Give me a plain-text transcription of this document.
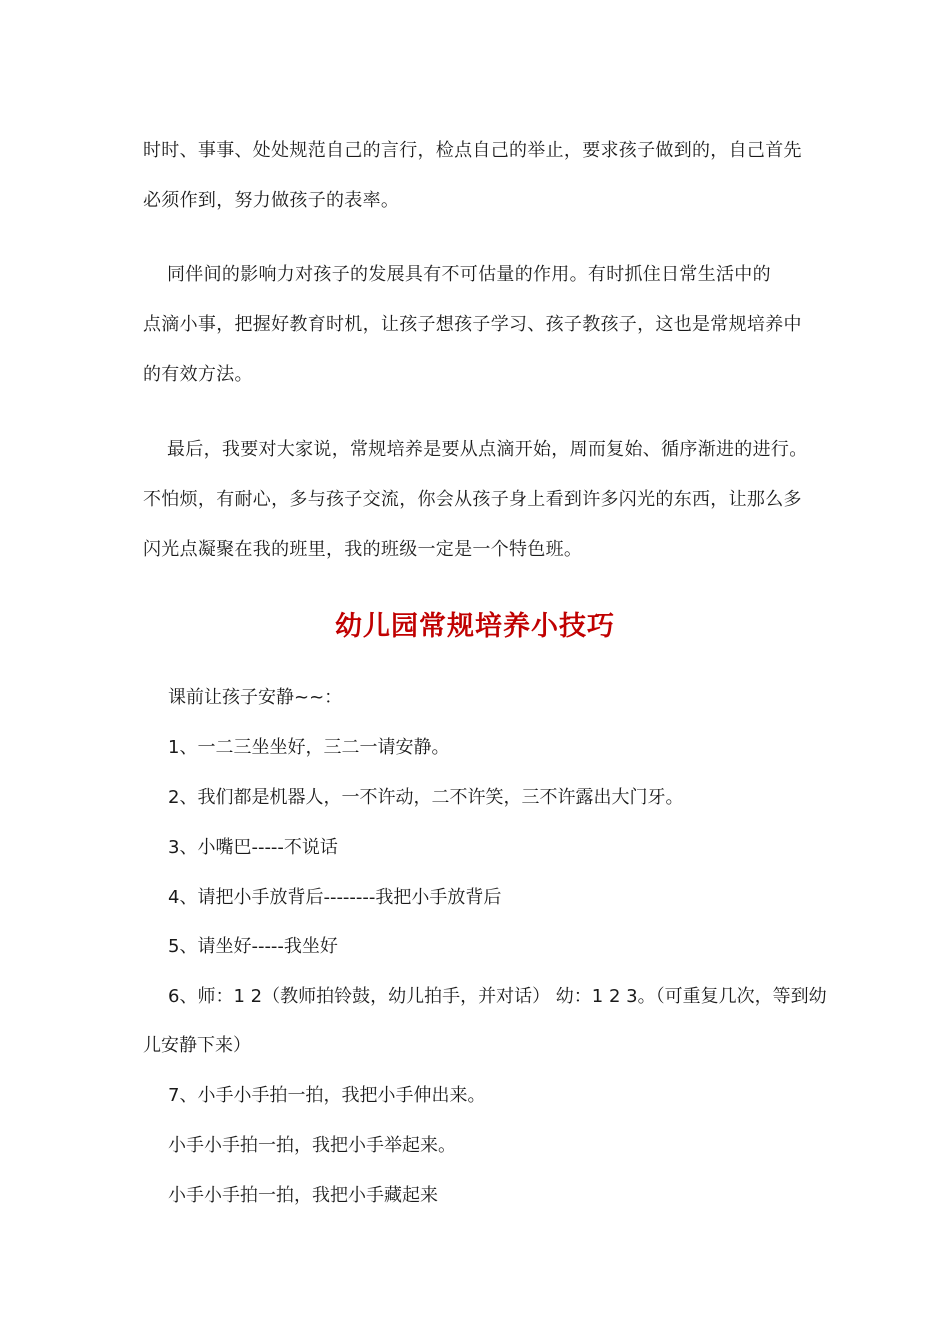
时时、事事、处处规范自己的言行，检点自己的举止，要求孩子做到的，自己首先

必须作到，努力做孩子的表率。

同伴间的影响力对孩子的发展具有不可估量的作用。有时抓住日常生活中的

点滴小事，把握好教育时机，让孩子想孩子学习、孩子教孩子，这也是常规培养中

的有效方法。

最后，我要对大家说，常规培养是要从点滴开始，周而复始、循序渐进的进行。

不怕烦，有耐心，多与孩子交流，你会从孩子身上看到许多闪光的东西，让那么多

闪光点凝聚在我的班里，我的班级一定是一个特色班。

幼儿园常规培养小技巧
课前让孩子安静~~：
1、一二三坐坐好，三二一请安静。
2、我们都是机器人，一不许动，二不许笑，三不许露出大门牙。
3、小嘴巴-----不说话
4、请把小手放背后--------我把小手放背后
5、请坐好-----我坐好
6、师：1 2（教师拍铃鼓，幼儿拍手，并对话） 幼：1 2 3。（可重复几次，等到幼
儿安静下来）
7、小手小手拍一拍，我把小手伸出来。
小手小手拍一拍，我把小手举起来。
小手小手拍一拍，我把小手藏起来
